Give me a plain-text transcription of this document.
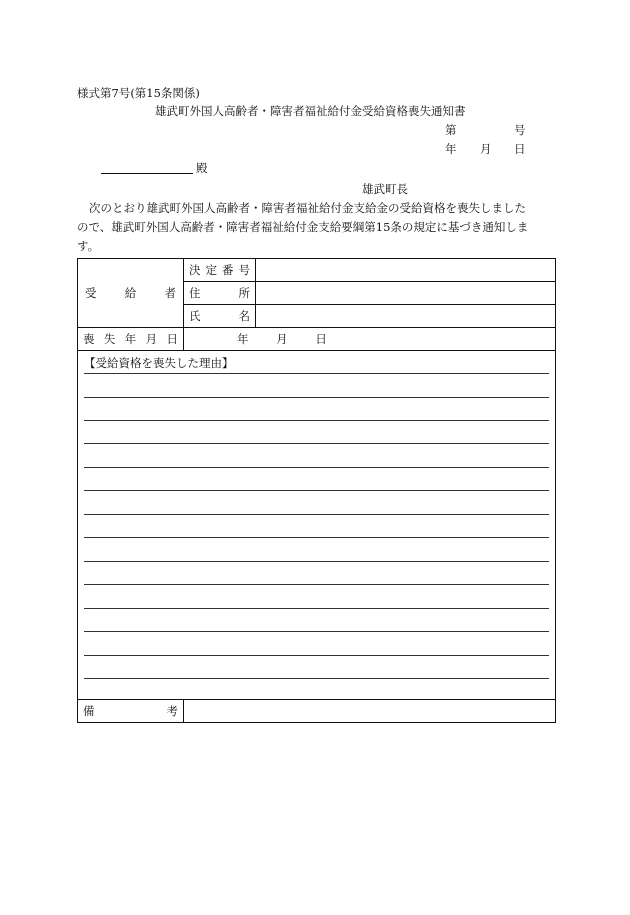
様式第7号(第15条関係)
雄武町外国人高齢者・障害者福祉給付金受給資格喪失通知書
第	号
年 月 日
殿
雄武町長

次のとおり雄武町外国人高齢者・障害者福祉給付金支給金の受給資格を喪失しました

ので、雄武町外国人高齢者・障害者福祉給付金支給要綱第15条の規定に基づき通知しま
す。
受 給 者	決 定 番 号	

	住 所	

	氏 名	

喪 失 年 月 日	年 月 日	

【受給資格を喪失した理由】		

備 考		
